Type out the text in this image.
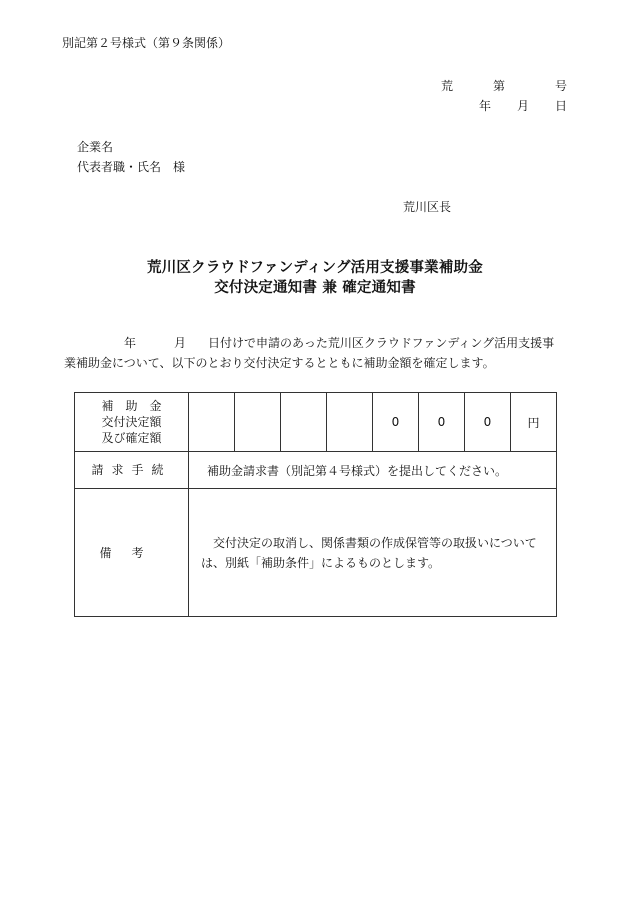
別記第２号様式（第９条関係）
荒	第	号
年 月 日
企業名
代表者職・氏名　様
荒川区長
荒川区クラウドファンディング活用支援事業補助金
交付決定通知書 兼 確定通知書
年	月 日付けで申請のあった荒川区クラウドファンディング活用支援事
業補助金について、以下のとおり交付決定するとともに補助金額を確定します。
補　助　金
交付決定額
及び確定額					0	0	0	円
請求手続	補助金請求書（別記第４号様式）を提出してください。							
備考	交付決定の取消し、関係書類の作成保管等の取扱いについては、別紙「補助条件」によるものとします。							
